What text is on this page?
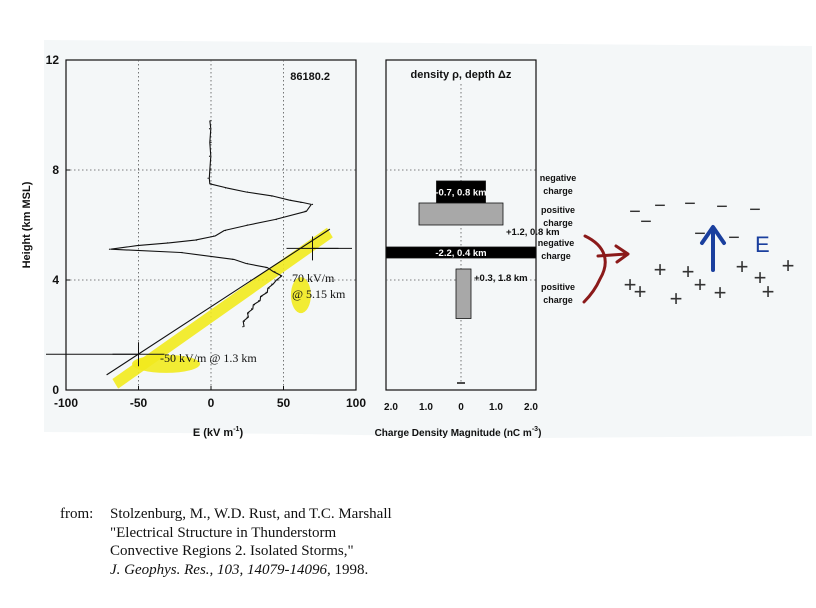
-100	-50	0	50	100
0
4
8
12
86180.2
70 kV/m
@ 5.15 km
-50 kV/m @ 1.3 km
E (kV $m^{-1}$)
Height (km MSL)	-0.7, 0.8 km
+1.2, 0.8 km
-2.2, 0.4 km
+0.3, 1.8 km
2.0 1.0	0	1.0 2.0
density ρ, depth Δz
Charge Density Magnitude (nC $m^{-3}$)
negative
charge
positive
charge
negative
charge
positive
charge
− − − − −
−
− −
+ + + +
+ + + +
+ +
+
E
from: Stolzenburg, M., W.D. Rust, and T.C. Marshall
"Electrical Structure in Thunderstorm
Convective Regions 2. Isolated Storms,"
J. Geophys. Res., 103, 14079-14096, 1998.
